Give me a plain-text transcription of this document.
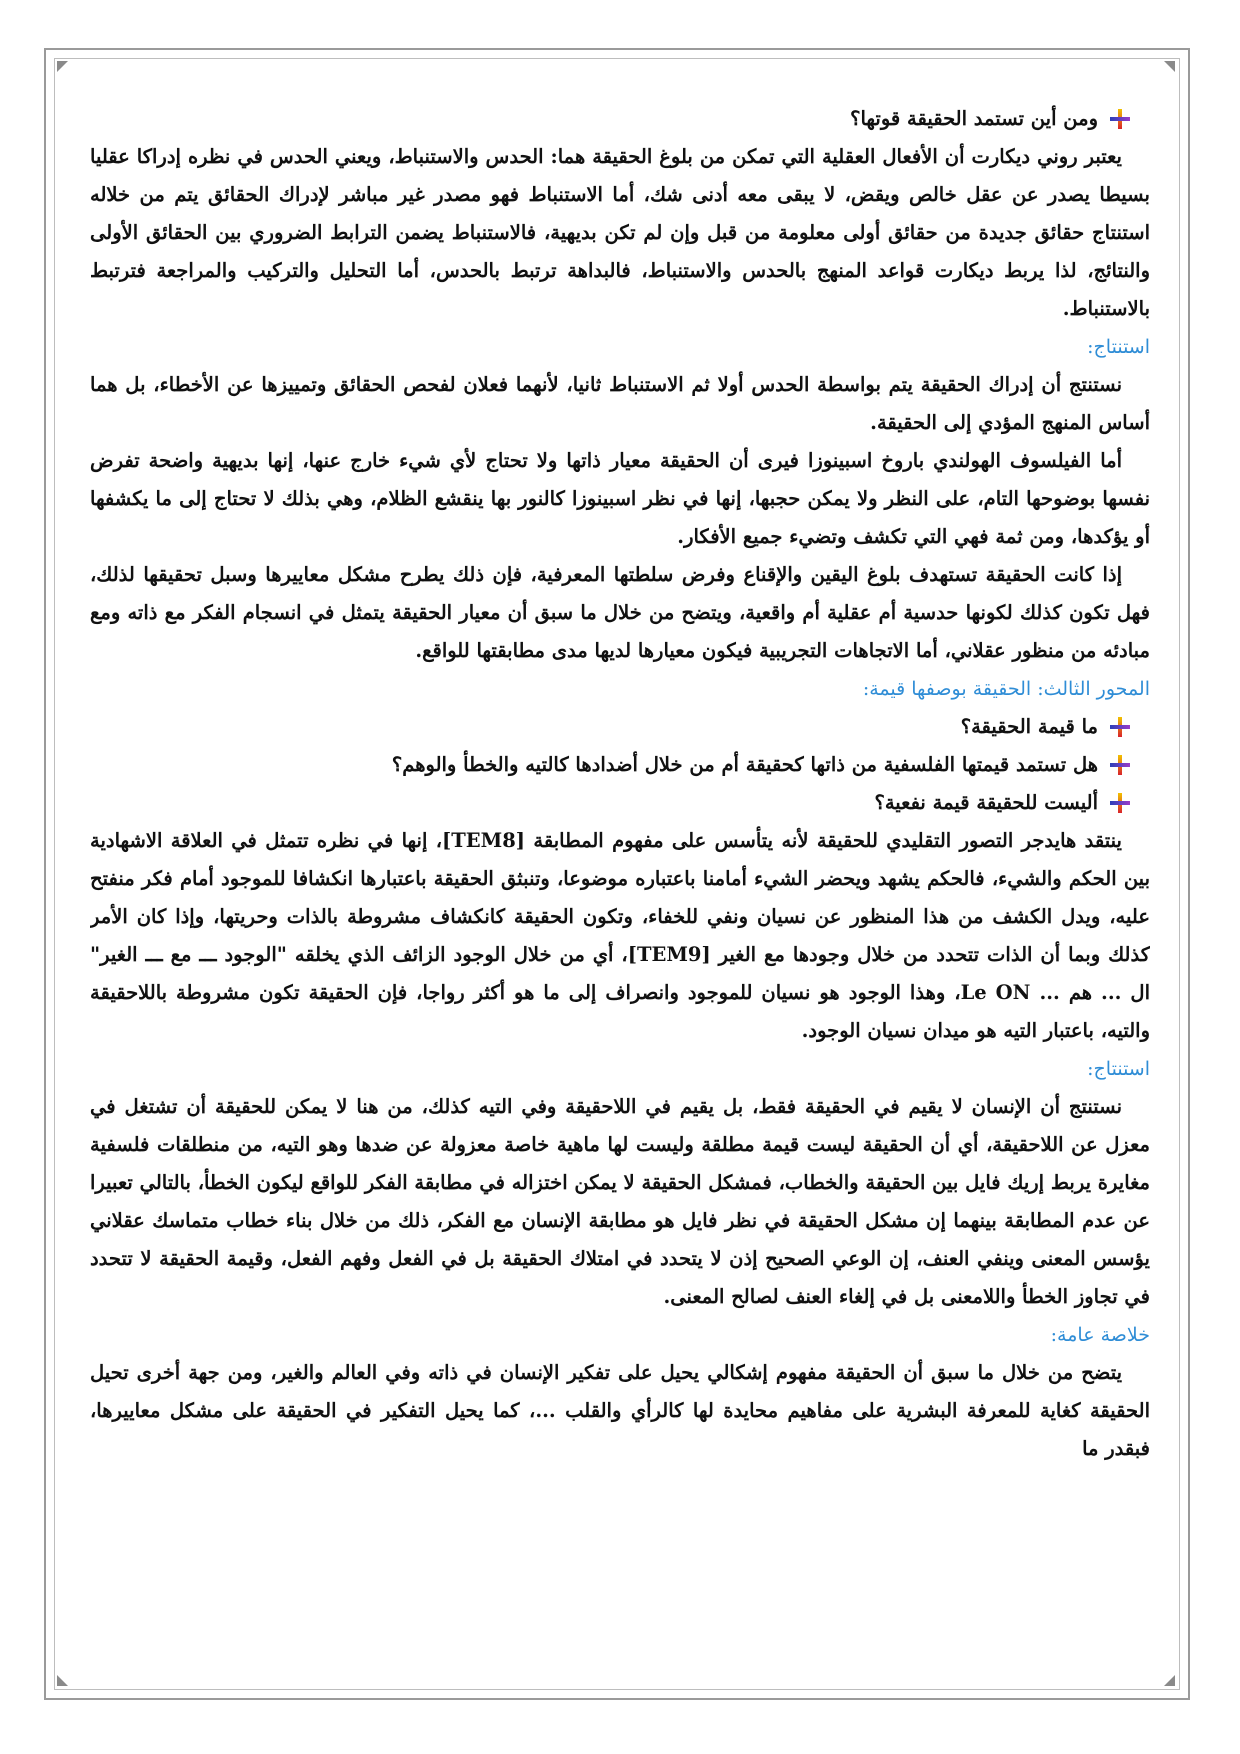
ومن أين تستمد الحقيقة قوتها؟

يعتبر روني ديكارت أن الأفعال العقلية التي تمكن من بلوغ الحقيقة هما: الحدس والاستنباط، ويعني الحدس في نظره إدراكا عقليا بسيطا يصدر عن عقل خالص ويقض، لا يبقى معه أدنى شك، أما الاستنباط فهو مصدر غير مباشر لإدراك الحقائق يتم من خلاله استنتاج حقائق جديدة من حقائق أولى معلومة من قبل وإن لم تكن بديهية، فالاستنباط يضمن الترابط الضروري بين الحقائق الأولى والنتائج، لذا يربط ديكارت قواعد المنهج بالحدس والاستنباط، فالبداهة ترتبط بالحدس، أما التحليل والتركيب والمراجعة فترتبط بالاستنباط.

استنتاج:

نستنتج أن إدراك الحقيقة يتم بواسطة الحدس أولا ثم الاستنباط ثانيا، لأنهما فعلان لفحص الحقائق وتمييزها عن الأخطاء، بل هما أساس المنهج المؤدي إلى الحقيقة.

أما الفيلسوف الهولندي باروخ اسبينوزا فيرى أن الحقيقة معيار ذاتها ولا تحتاج لأي شيء خارج عنها، إنها بديهية واضحة تفرض نفسها بوضوحها التام، على النظر ولا يمكن حجبها، إنها في نظر اسبينوزا كالنور بها ينقشع الظلام، وهي بذلك لا تحتاج إلى ما يكشفها أو يؤكدها، ومن ثمة فهي التي تكشف وتضيء جميع الأفكار.

إذا كانت الحقيقة تستهدف بلوغ اليقين والإقناع وفرض سلطتها المعرفية، فإن ذلك يطرح مشكل معاييرها وسبل تحقيقها لذلك، فهل تكون كذلك لكونها حدسية أم عقلية أم واقعية، ويتضح من خلال ما سبق أن معيار الحقيقة يتمثل في انسجام الفكر مع ذاته ومع مبادئه من منظور عقلاني، أما الاتجاهات التجريبية فيكون معيارها لديها مدى مطابقتها للواقع.

المحور الثالث: الحقيقة بوصفها قيمة:
ما قيمة الحقيقة؟
هل تستمد قيمتها الفلسفية من ذاتها كحقيقة أم من خلال أضدادها كالتيه والخطأ والوهم؟
أليست للحقيقة قيمة نفعية؟

ينتقد هايدجر التصور التقليدي للحقيقة لأنه يتأسس على مفهوم المطابقة [TEM8]، إنها في نظره تتمثل في العلاقة الاشهادية بين الحكم والشيء، فالحكم يشهد ويحضر الشيء أمامنا باعتباره موضوعا، وتنبثق الحقيقة باعتبارها انكشافا للموجود أمام فكر منفتح عليه، ويدل الكشف من هذا المنظور عن نسيان ونفي للخفاء، وتكون الحقيقة كانكشاف مشروطة بالذات وحريتها، وإذا كان الأمر كذلك وبما أن الذات تتحدد من خلال وجودها مع الغير [TEM9]، أي من خلال الوجود الزائف الذي يخلقه "الوجود ـــ مع ـــ الغير" ال ... هم ... Le ON، وهذا الوجود هو نسيان للموجود وانصراف إلى ما هو أكثر رواجا، فإن الحقيقة تكون مشروطة باللاحقيقة والتيه، باعتبار التيه هو ميدان نسيان الوجود.

استنتاج:

نستنتج أن الإنسان لا يقيم في الحقيقة فقط، بل يقيم في اللاحقيقة وفي التيه كذلك، من هنا لا يمكن للحقيقة أن تشتغل في معزل عن اللاحقيقة، أي أن الحقيقة ليست قيمة مطلقة وليست لها ماهية خاصة معزولة عن ضدها وهو التيه، من منطلقات فلسفية مغايرة يربط إريك فايل بين الحقيقة والخطاب، فمشكل الحقيقة لا يمكن اختزاله في مطابقة الفكر للواقع ليكون الخطأ، بالتالي تعبيرا عن عدم المطابقة بينهما إن مشكل الحقيقة في نظر فايل هو مطابقة الإنسان مع الفكر، ذلك من خلال بناء خطاب متماسك عقلاني يؤسس المعنى وينفي العنف، إن الوعي الصحيح إذن لا يتحدد في امتلاك الحقيقة بل في الفعل وفهم الفعل، وقيمة الحقيقة لا تتحدد في تجاوز الخطأ واللامعنى بل في إلغاء العنف لصالح المعنى.

خلاصة عامة:

يتضح من خلال ما سبق أن الحقيقة مفهوم إشكالي يحيل على تفكير الإنسان في ذاته وفي العالم والغير، ومن جهة أخرى تحيل الحقيقة كغاية للمعرفة البشرية على مفاهيم محايدة لها كالرأي والقلب ...، كما يحيل التفكير في الحقيقة على مشكل معاييرها، فبقدر ما
